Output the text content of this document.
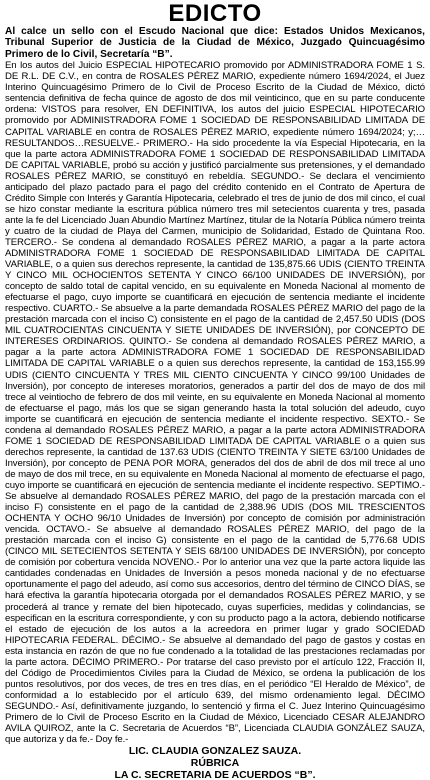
EDICTO

Al calce un sello con el Escudo Nacional que dice: Estados Unidos Mexicanos, Tribunal Superior de Justicia de la Ciudad de México, Juzgado Quincuagésimo Primero de lo Civil, Secretaría “B”.

En los autos del Juicio ESPECIAL HIPOTECARIO promovido por ADMINISTRADORA FOME 1 S. DE R.L. DE C.V., en contra de ROSALES PÉREZ MARIO, expediente número 1694/2024, el Juez Interino Quincuagésimo Primero de lo Civil de Proceso Escrito de la Ciudad de México, dictó sentencia definitiva de fecha quince de agosto de dos mil veinticinco, que en su parte conducente ordena: VISTOS para resolver, EN DEFINITIVA, los autos del juicio ESPECIAL HIPOTECARIO promovido por ADMINISTRADORA FOME 1 SOCIEDAD DE RESPONSABILIDAD LIMITADA DE CAPITAL VARIABLE en contra de ROSALES PÉREZ MARIO, expediente número 1694/2024; y;… RESULTANDOS…RESUELVE.- PRIMERO.- Ha sido procedente la vía Especial Hipotecaria, en la que la parte actora ADMINISTRADORA FOME 1 SOCIEDAD DE RESPONSABILIDAD LIMITADA DE CAPITAL VARIABLE, probó su acción y justificó parcialmente sus pretensiones, y el demandado ROSALES PÉREZ MARIO, se constituyó en rebeldía. SEGUNDO.- Se declara el vencimiento anticipado del plazo pactado para el pago del crédito contenido en el Contrato de Apertura de Crédito Simple con Interés y Garantía Hipotecaria, celebrado el tres de junio de dos mil cinco, el cual se hizo constar mediante la escritura pública número tres mil setecientos cuarenta y tres, pasada ante la fe del Licenciado Juan Abundio Martínez Martínez, titular de la Notaría Pública número treinta y cuatro de la ciudad de Playa del Carmen, municipio de Solidaridad, Estado de Quintana Roo. TERCERO.- Se condena al demandado ROSALES PÉREZ MARIO, a pagar a la parte actora ADMINISTRADORA FOME 1 SOCIEDAD DE RESPONSABILIDAD LIMITADA DE CAPITAL VARIABLE, o a quien sus derechos represente, la cantidad de 135,875.66 UDIS (CIENTO TREINTA Y CINCO MIL OCHOCIENTOS SETENTA Y CINCO 66/100 UNIDADES DE INVERSIÓN), por concepto de saldo total de capital vencido, en su equivalente en Moneda Nacional al momento de efectuarse el pago, cuyo importe se cuantificará en ejecución de sentencia mediante el incidente respectivo. CUARTO.- Se absuelve a la parte demandada ROSALES PÉREZ MARIO del pago de la prestación marcada con el inciso C) consistente en el pago de la cantidad de 2,457.50 UDIS (DOS MIL CUATROCIENTAS CINCUENTA Y SIETE UNIDADES DE INVERSIÓN), por CONCEPTO DE INTERESES ORDINARIOS. QUINTO.- Se condena al demandado ROSALES PÉREZ MARIO, a pagar a la parte actora ADMINISTRADORA FOME 1 SOCIEDAD DE RESPONSABILIDAD LIMITADA DE CAPITAL VARIABLE o a quien sus derechos represente, la cantidad de 153,155.99 UDIS (CIENTO CINCUENTA Y TRES MIL CIENTO CINCUENTA Y CINCO 99/100 Unidades de Inversión), por concepto de intereses moratorios, generados a partir del dos de mayo de dos mil trece al veintiocho de febrero de dos mil veinte, en su equivalente en Moneda Nacional al momento de efectuarse el pago, más los que se sigan generando hasta la total solución del adeudo, cuyo importe se cuantificará en ejecución de sentencia mediante el incidente respectivo. SEXTO.- Se condena al demandado ROSALES PÉREZ MARIO, a pagar a la parte actora ADMINISTRADORA FOME 1 SOCIEDAD DE RESPONSABILIDAD LIMITADA DE CAPITAL VARIABLE o a quien sus derechos represente, la cantidad de 137.63 UDIS (CIENTO TREINTA Y SIETE 63/100 Unidades de Inversión), por concepto de PENA POR MORA, generados del dos de abril de dos mil trece al uno de mayo de dos mil trece, en su equivalente en Moneda Nacional al momento de efectuarse el pago, cuyo importe se cuantificará en ejecución de sentencia mediante el incidente respectivo. SEPTIMO.- Se absuelve al demandado ROSALES PÉREZ MARIO, del pago de la prestación marcada con el inciso F) consistente en el pago de la cantidad de 2,388.96 UDIS (DOS MIL TRESCIENTOS OCHENTA Y OCHO 96/10 Unidades de Inversión) por concepto de comisión por administración vencida. OCTAVO.- Se absuelve al demandado ROSALES PÉREZ MARIO, del pago de la prestación marcada con el inciso G) consistente en el pago de la cantidad de 5,776.68 UDIS (CINCO MIL SETECIENTOS SETENTA Y SEIS 68/100 UNIDADES DE INVERSIÓN), por concepto de comisión por cobertura vencida NOVENO.- Por lo anterior una vez que la parte actora liquide las cantidades condenadas en Unidades de Inversión a pesos moneda nacional y de no efectuarse oportunamente el pago del adeudo, así como sus accesorios, dentro del término de CINCO DÍAS, se hará efectiva la garantía hipotecaria otorgada por el demandados ROSALES PÉREZ MARIO, y se procederá al trance y remate del bien hipotecado, cuyas superficies, medidas y colindancias, se especifican en la escritura correspondiente, y con su producto pago a la actora, debiendo notificarse el estado de ejecución de los autos a la acreedora en primer lugar y grado SOCIEDAD HIPOTECARIA FEDERAL. DÉCIMO.- Se absuelve al demandado del pago de gastos y costas en esta instancia en razón de que no fue condenado a la totalidad de las prestaciones reclamadas por la parte actora. DÉCIMO PRIMERO.- Por tratarse del caso previsto por el artículo 122, Fracción II, del Código de Procedimientos Civiles para la Ciudad de México, se ordena la publicación de los puntos resolutivos, por dos veces, de tres en tres días, en el periódico “El Heraldo de México”, de conformidad a lo establecido por el artículo 639, del mismo ordenamiento legal. DÉCIMO SEGUNDO.- Así, definitivamente juzgando, lo sentenció y firma el C. Juez Interino Quincuagésimo Primero de lo Civil de Proceso Escrito en la Ciudad de México, Licenciado CESAR ALEJANDRO AVILA QUIROZ, ante la C. Secretaria de Acuerdos “B”, Licenciada CLAUDIA GONZÁLEZ SAUZA, que autoriza y da fe.- Doy fe.-

LIC. CLAUDIA GONZALEZ SAUZA.

RÚBRICA

LA C. SECRETARIA DE ACUERDOS “B”.
